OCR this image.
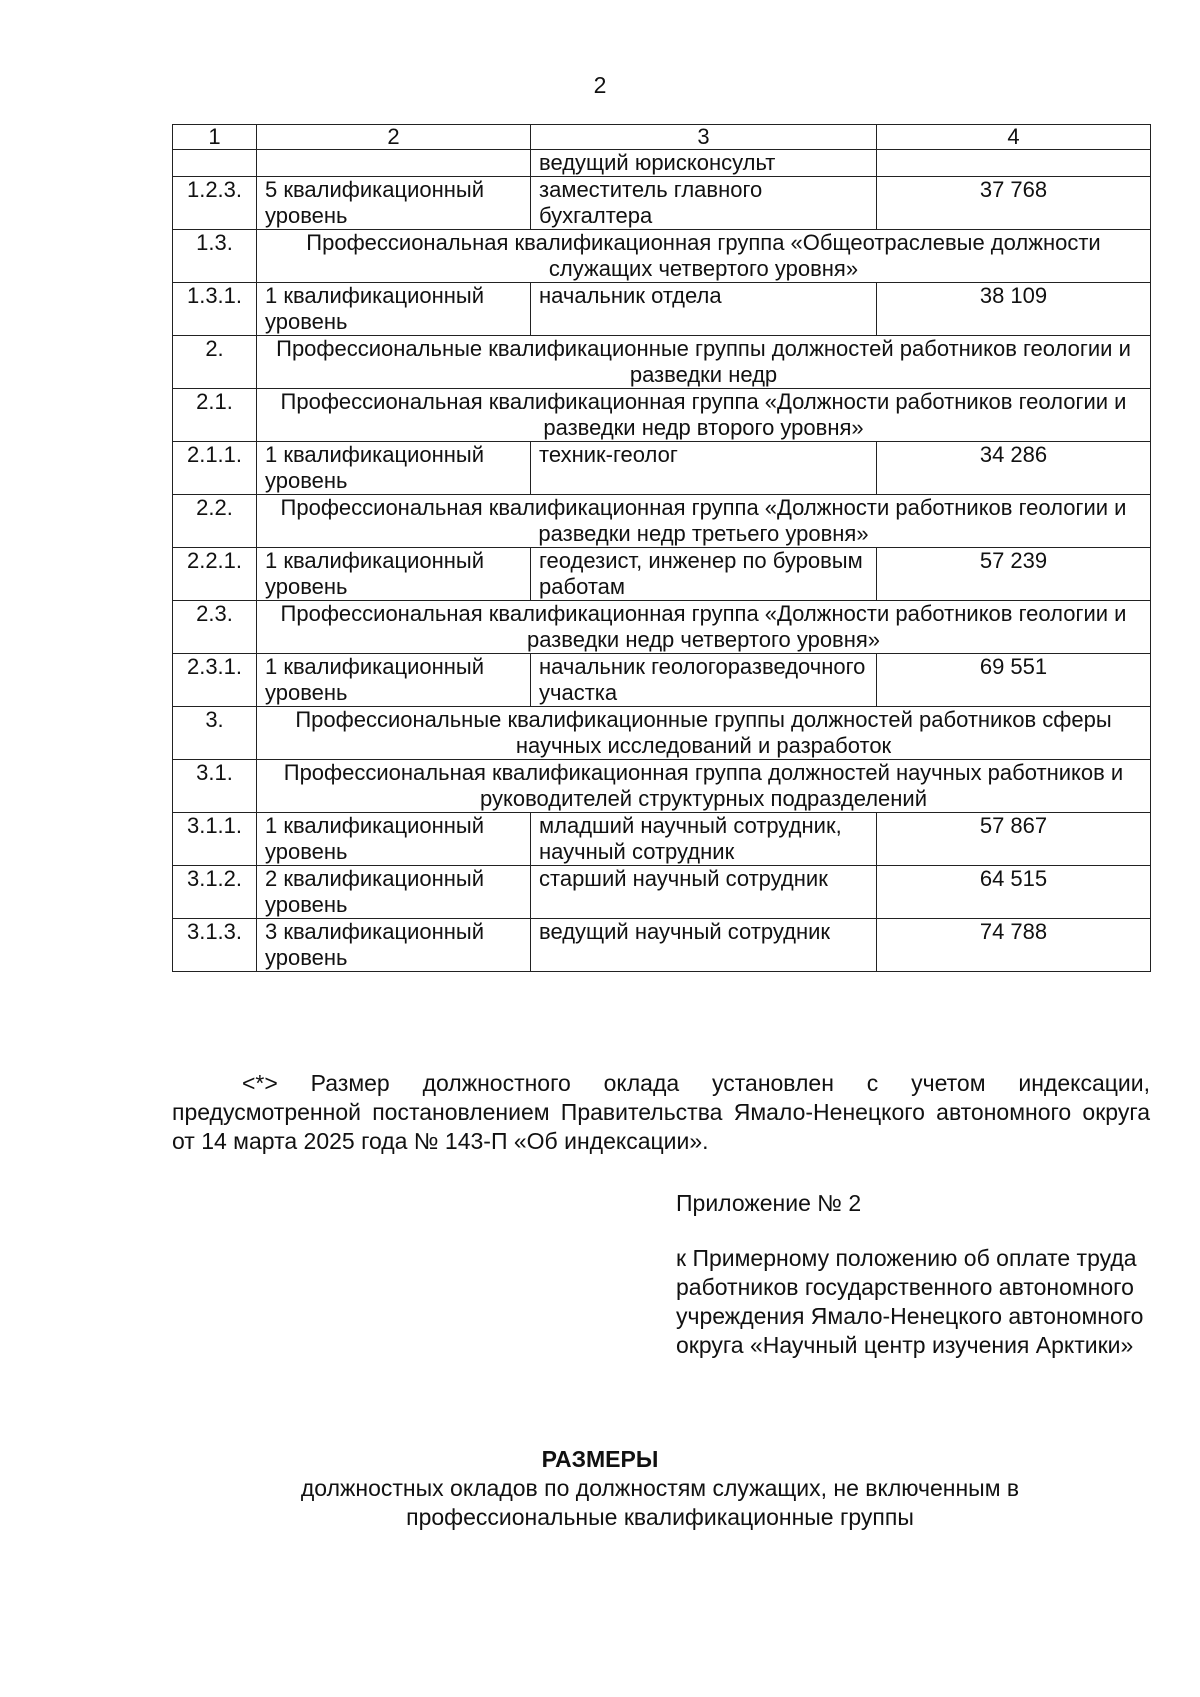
2
1	2	3	4
		ведущий юрисконсульт	
1.2.3.	5 квалификационный уровень	заместитель главного бухгалтера	37 768
1.3.	Профессиональная квалификационная группа «Общеотраслевые должности служащих четвертого уровня»		
1.3.1.	1 квалификационный уровень	начальник отдела	38 109
2.	Профессиональные квалификационные группы должностей работников геологии и разведки недр		
2.1.	Профессиональная квалификационная группа «Должности работников геологии и разведки недр второго уровня»		
2.1.1.	1 квалификационный уровень	техник-геолог	34 286
2.2.	Профессиональная квалификационная группа «Должности работников геологии и разведки недр третьего уровня»		
2.2.1.	1 квалификационный уровень	геодезист, инженер по буровым работам	57 239
2.3.	Профессиональная квалификационная группа «Должности работников геологии и разведки недр четвертого уровня»		
2.3.1.	1 квалификационный уровень	начальник геологоразведочного участка	69 551
3.	Профессиональные квалификационные группы должностей работников сферы научных исследований и разработок		
3.1.	Профессиональная квалификационная группа должностей научных работников и руководителей структурных подразделений		
3.1.1.	1 квалификационный уровень	младший научный сотрудник, научный сотрудник	57 867
3.1.2.	2 квалификационный уровень	старший научный сотрудник	64 515
3.1.3.	3 квалификационный уровень	ведущий научный сотрудник	74 788
<*> Размер должностного оклада установлен с учетом индексации, предусмотренной постановлением Правительства Ямало-Ненецкого автономного округа от 14 марта 2025 года № 143-П «Об индексации».
Приложение № 2
к Примерному положению об оплате труда работников государственного автономного учреждения Ямало-Ненецкого автономного округа «Научный центр изучения Арктики»
РАЗМЕРЫ
должностных окладов по должностям служащих, не включенным в профессиональные квалификационные группы
